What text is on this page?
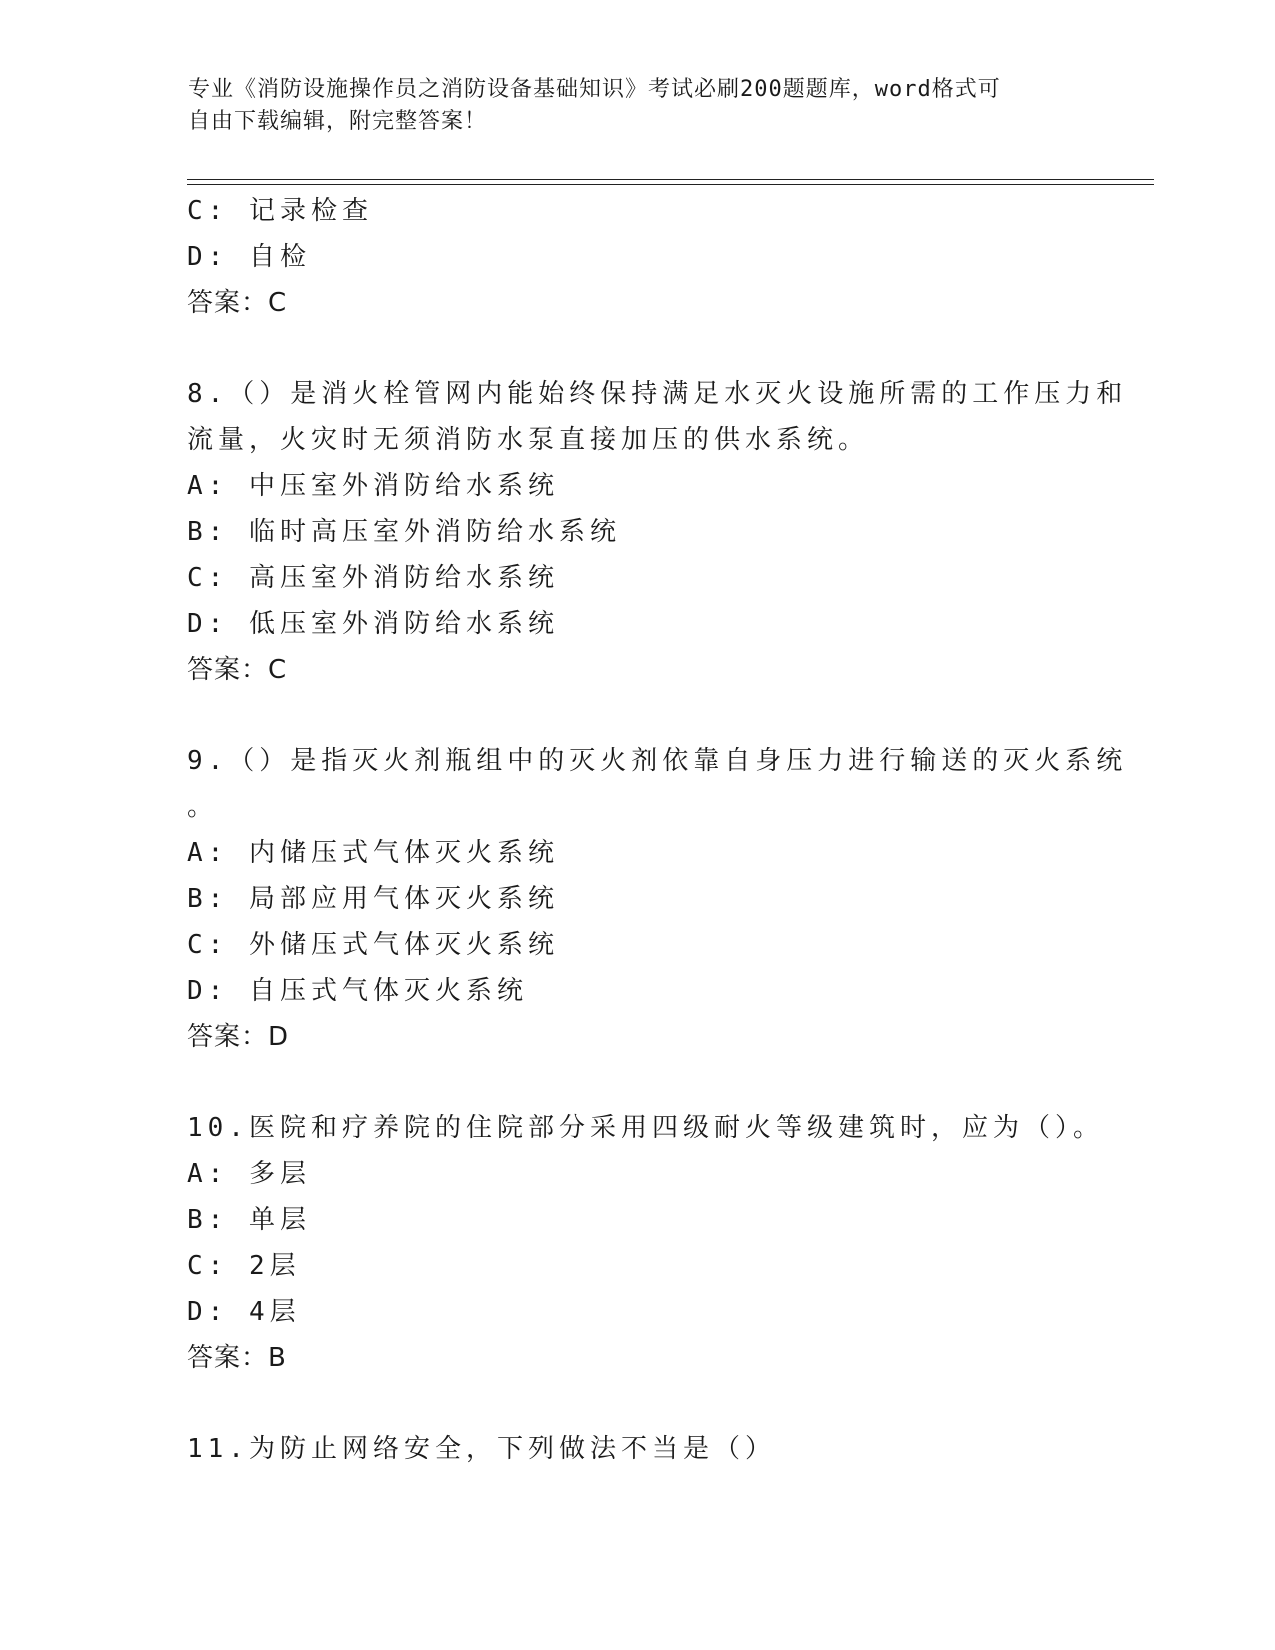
专业《消防设施操作员之消防设备基础知识》考试必刷200题题库，word格式可
自由下载编辑，附完整答案！
C: 记录检查
D: 自检
答案：C
8.（）是消火栓管网内能始终保持满足水灭火设施所需的工作压力和
流量，火灾时无须消防水泵直接加压的供水系统。
A: 中压室外消防给水系统
B: 临时高压室外消防给水系统
C: 高压室外消防给水系统
D: 低压室外消防给水系统
答案：C
9.（）是指灭火剂瓶组中的灭火剂依靠自身压力进行输送的灭火系统
。
A: 内储压式气体灭火系统
B: 局部应用气体灭火系统
C: 外储压式气体灭火系统
D: 自压式气体灭火系统
答案：D
10.医院和疗养院的住院部分采用四级耐火等级建筑时，应为（）。
A: 多层
B: 单层
C: 2层
D: 4层
答案：B
11.为防止网络安全，下列做法不当是（）
